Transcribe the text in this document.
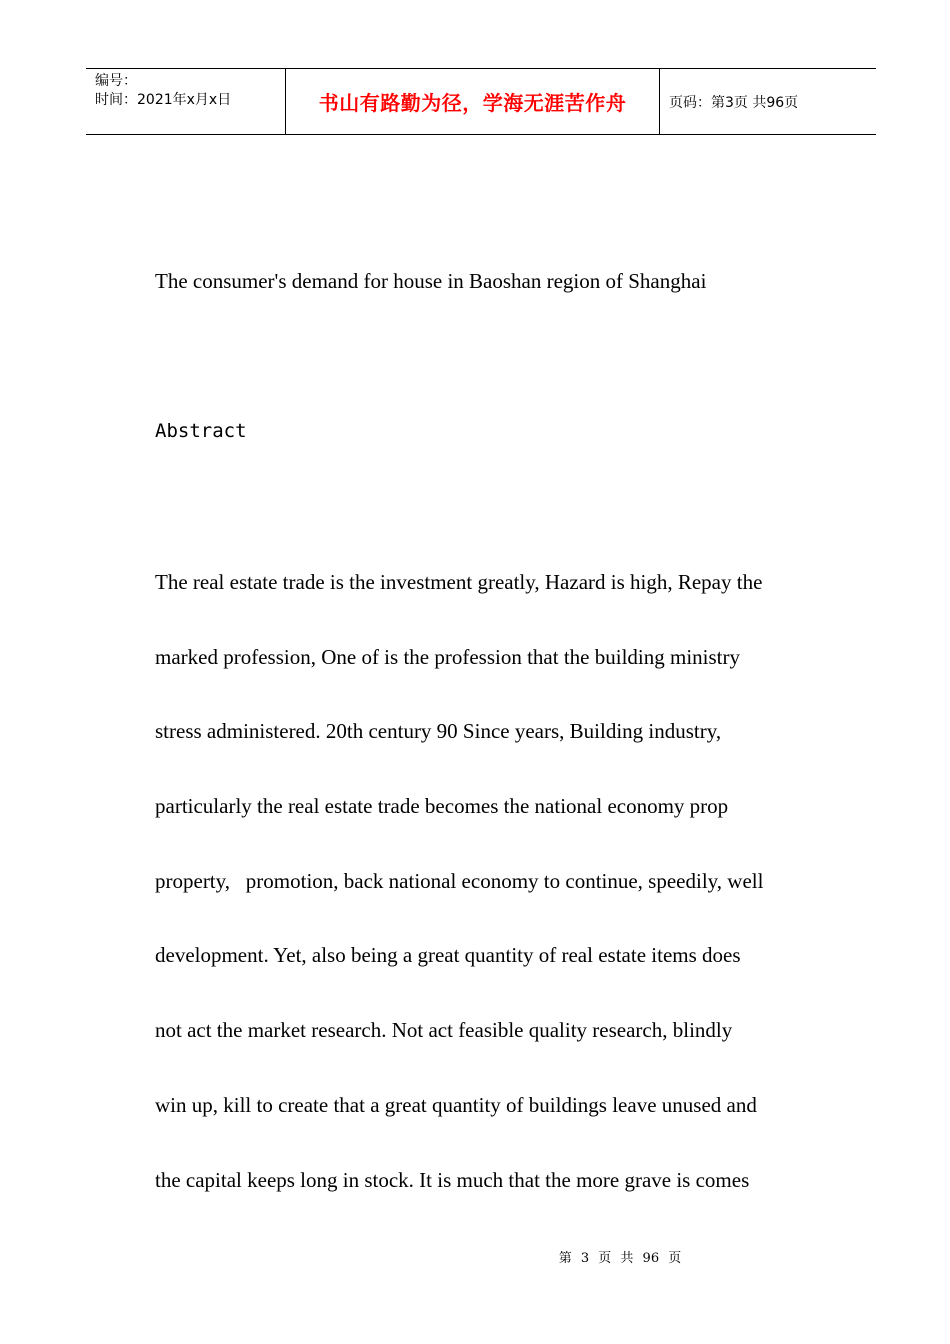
编号：
时间：2021年x月x日	书山有路勤为径，学海无涯苦作舟	页码：第3页 共96页
The consumer's demand for house in Baoshan region of Shanghai
Abstract
The real estate trade is the investment greatly, Hazard is high, Repay the
marked profession, One of is the profession that the building ministry
stress administered. 20th century 90 Since years, Building industry,
particularly the real estate trade becomes the national economy prop
property,   promotion, back national economy to continue, speedily, well
development. Yet, also being a great quantity of real estate items does
not act the market research. Not act feasible quality research, blindly
win up, kill to create that a great quantity of buildings leave unused and
the capital keeps long in stock. It is much that the more grave is comes
第 3 页 共 96 页
